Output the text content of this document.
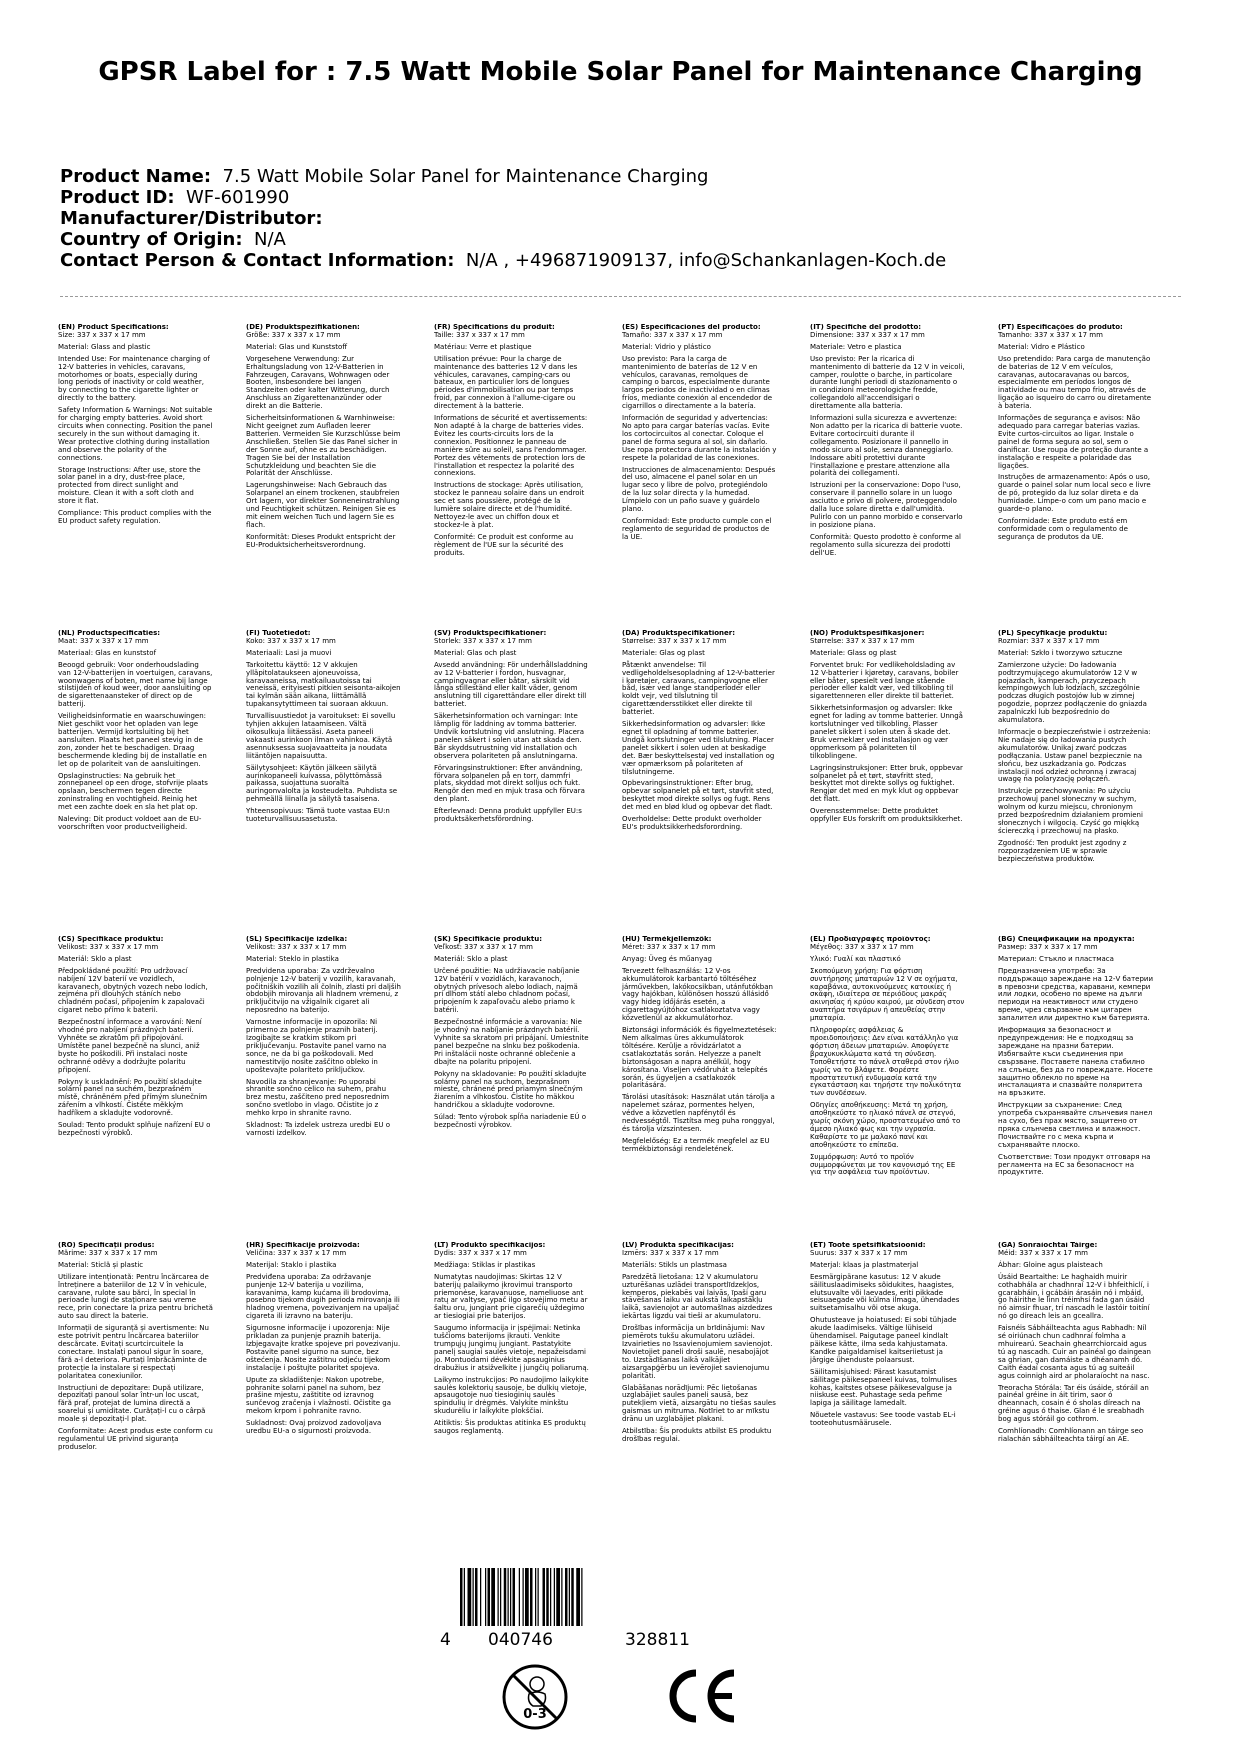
GPSR Label for : 7.5 Watt Mobile Solar Panel for Maintenance Charging
Product Name: 7.5 Watt Mobile Solar Panel for Maintenance Charging
Product ID: WF-601990
Manufacturer/Distributor:
Country of Origin: N/A
Contact Person & Contact Information: N/A , +496871909137, info@Schankanlagen-Koch.de
(EN) Product Specifications:

Size: 337 x 337 x 17 mm

Material: Glass and plastic

Intended Use: For maintenance charging of 12-V batteries in vehicles, caravans, motorhomes or boats, especially during long periods of inactivity or cold weather, by connecting to the cigarette lighter or directly to the battery.

Safety Information & Warnings: Not suitable for charging empty batteries. Avoid short circuits when connecting. Position the panel securely in the sun without damaging it. Wear protective clothing during installation and observe the polarity of the connections.

Storage Instructions: After use, store the solar panel in a dry, dust-free place, protected from direct sunlight and moisture. Clean it with a soft cloth and store it flat.

Compliance: This product complies with the EU product safety regulation.

(DE) Produktspezifikationen:

Größe: 337 x 337 x 17 mm

Material: Glas und Kunststoff

Vorgesehene Verwendung: Zur Erhaltungsladung von 12-V-Batterien in Fahrzeugen, Caravans, Wohnwagen oder Booten, insbesondere bei langen Standzeiten oder kalter Witterung, durch Anschluss an Zigarettenanzünder oder direkt an die Batterie.

Sicherheitsinformationen & Warnhinweise: Nicht geeignet zum Aufladen leerer Batterien. Vermeiden Sie Kurzschlüsse beim Anschließen. Stellen Sie das Panel sicher in der Sonne auf, ohne es zu beschädigen. Tragen Sie bei der Installation Schutzkleidung und beachten Sie die Polarität der Anschlüsse.

Lagerungshinweise: Nach Gebrauch das Solarpanel an einem trockenen, staubfreien Ort lagern, vor direkter Sonneneinstrahlung und Feuchtigkeit schützen. Reinigen Sie es mit einem weichen Tuch und lagern Sie es flach.

Konformität: Dieses Produkt entspricht der EU-Produktsicherheitsverordnung.

(FR) Spécifications du produit:

Taille: 337 x 337 x 17 mm

Matériau: Verre et plastique

Utilisation prévue: Pour la charge de maintenance des batteries 12 V dans les véhicules, caravanes, camping-cars ou bateaux, en particulier lors de longues périodes d'immobilisation ou par temps froid, par connexion à l'allume-cigare ou directement à la batterie.

Informations de sécurité et avertissements: Non adapté à la charge de batteries vides. Évitez les courts-circuits lors de la connexion. Positionnez le panneau de manière sûre au soleil, sans l'endommager. Portez des vêtements de protection lors de l'installation et respectez la polarité des connexions.

Instructions de stockage: Après utilisation, stockez le panneau solaire dans un endroit sec et sans poussière, protégé de la lumière solaire directe et de l'humidité. Nettoyez-le avec un chiffon doux et stockez-le à plat.

Conformité: Ce produit est conforme au règlement de l'UE sur la sécurité des produits.

(ES) Especificaciones del producto:

Tamaño: 337 x 337 x 17 mm

Material: Vidrio y plástico

Uso previsto: Para la carga de mantenimiento de baterías de 12 V en vehículos, caravanas, remolques de camping o barcos, especialmente durante largos periodos de inactividad o en climas fríos, mediante conexión al encendedor de cigarrillos o directamente a la batería.

Información de seguridad y advertencias: No apto para cargar baterías vacías. Evite los cortocircuitos al conectar. Coloque el panel de forma segura al sol, sin dañarlo. Use ropa protectora durante la instalación y respete la polaridad de las conexiones.

Instrucciones de almacenamiento: Después del uso, almacene el panel solar en un lugar seco y libre de polvo, protegiéndolo de la luz solar directa y la humedad. Límpielo con un paño suave y guárdelo plano.

Conformidad: Este producto cumple con el reglamento de seguridad de productos de la UE.

(IT) Specifiche del prodotto:

Dimensione: 337 x 337 x 17 mm

Materiale: Vetro e plastica

Uso previsto: Per la ricarica di mantenimento di batterie da 12 V in veicoli, camper, roulotte o barche, in particolare durante lunghi periodi di stazionamento o in condizioni meteorologiche fredde, collegandolo all'accendisigari o direttamente alla batteria.

Informazioni sulla sicurezza e avvertenze: Non adatto per la ricarica di batterie vuote. Evitare cortocircuiti durante il collegamento. Posizionare il pannello in modo sicuro al sole, senza danneggiarlo. Indossare abiti protettivi durante l'installazione e prestare attenzione alla polarità dei collegamenti.

Istruzioni per la conservazione: Dopo l'uso, conservare il pannello solare in un luogo asciutto e privo di polvere, proteggendolo dalla luce solare diretta e dall'umidità. Pulirlo con un panno morbido e conservarlo in posizione piana.

Conformità: Questo prodotto è conforme al regolamento sulla sicurezza dei prodotti dell'UE.

(PT) Especificações do produto:

Tamanho: 337 x 337 x 17 mm

Material: Vidro e Plástico

Uso pretendido: Para carga de manutenção de baterias de 12 V em veículos, caravanas, autocaravanas ou barcos, especialmente em períodos longos de inatividade ou mau tempo frio, através de ligação ao isqueiro do carro ou diretamente à bateria.

Informações de segurança e avisos: Não adequado para carregar baterias vazias. Evite curtos-circuitos ao ligar. Instale o painel de forma segura ao sol, sem o danificar. Use roupa de proteção durante a instalação e respeite a polaridade das ligações.

Instruções de armazenamento: Após o uso, guarde o painel solar num local seco e livre de pó, protegido da luz solar direta e da humidade. Limpe-o com um pano macio e guarde-o plano.

Conformidade: Este produto está em conformidade com o regulamento de segurança de produtos da UE.

(NL) Productspecificaties:

Maat: 337 x 337 x 17 mm

Materiaal: Glas en kunststof

Beoogd gebruik: Voor onderhoudslading van 12-V-batterijen in voertuigen, caravans, woonwagens of boten, met name bij lange stilstijden of koud weer, door aansluiting op de sigarettenaansteker of direct op de batterij.

Veiligheidsinformatie en waarschuwingen: Niet geschikt voor het opladen van lege batterijen. Vermijd kortsluiting bij het aansluiten. Plaats het paneel stevig in de zon, zonder het te beschadigen. Draag beschermende kleding bij de installatie en let op de polariteit van de aansluitingen.

Opslaginstructies: Na gebruik het zonnepaneel op een droge, stofvrije plaats opslaan, beschermen tegen directe zoninstraling en vochtigheid. Reinig het met een zachte doek en sla het plat op.

Naleving: Dit product voldoet aan de EU-voorschriften voor productveiligheid.

(FI) Tuotetiedot:

Koko: 337 x 337 x 17 mm

Materiaali: Lasi ja muovi

Tarkoitettu käyttö: 12 V akkujen ylläpitolataukseen ajoneuvoissa, karavaaneissa, matkailuautoissa tai veneissä, erityisesti pitkien seisonta-aikojen tai kylmän sään aikana, liittämällä tupakansytyttimeen tai suoraan akkuun.

Turvallisuustiedot ja varoitukset: Ei sovellu tyhjien akkujen lataamiseen. Vältä oikosulkuja liitäessäsi. Aseta paneeli vakaasti aurinkoon ilman vahinkoa. Käytä asennuksessa suojavaatteita ja noudata liitäntöjen napaisuutta.

Säilytysohjeet: Käytön jälkeen säilytä aurinkopaneeli kuivassa, pölyttömässä paikassa, suojattuna suoralta auringonvalolta ja kosteudelta. Puhdista se pehmeällä liinalla ja säilytä tasaisena.

Yhteensopivuus: Tämä tuote vastaa EU:n tuoteturvallisuusasetusta.

(SV) Produktspecifikationer:

Storlek: 337 x 337 x 17 mm

Material: Glas och plast

Avsedd användning: För underhållsladdning av 12 V-batterier i fordon, husvagnar, campingvagnar eller båtar, särskilt vid långa stilleständ eller kallt väder, genom anslutning till cigarettändare eller direkt till batteriet.

Säkerhetsinformation och varningar: Inte lämplig för laddning av tomma batterier. Undvik kortslutning vid anslutning. Placera panelen säkert i solen utan att skada den. Bär skyddsutrustning vid installation och observera polariteten på anslutningarna.

Förvaringsinstruktioner: Efter användning, förvara solpanelen på en torr, dammfri plats, skyddad mot direkt solljus och fukt. Rengör den med en mjuk trasa och förvara den plant.

Efterlevnad: Denna produkt uppfyller EU:s produktsäkerhetsförordning.

(DA) Produktspecifikationer:

Størrelse: 337 x 337 x 17 mm

Materiale: Glas og plast

Påtænkt anvendelse: Til vedligeholdelsesopladning af 12-V-batterier i køretøjer, caravans, campingvogne eller båd, især ved lange standperioder eller koldt vejr, ved tilslutning til cigarettændersstikket eller direkte til batteriet.

Sikkerhedsinformation og advarsler: Ikke egnet til opladning af tomme batterier. Undgå kortslutninger ved tilslutning. Placer panelet sikkert i solen uden at beskadige det. Bær beskyttelsestøj ved installation og vær opmærksom på polariteten af tilslutningerne.

Opbevaringsinstruktioner: Efter brug, opbevar solpanelet på et tørt, støvfrit sted, beskyttet mod direkte sollys og fugt. Rens det med en blød klud og opbevar det fladt.

Overholdelse: Dette produkt overholder EU's produktsikkerhedsforordning.

(NO) Produktspesifikasjoner:

Størrelse: 337 x 337 x 17 mm

Materiale: Glass og plast

Forventet bruk: For vedlikeholdslading av 12 V-batterier i kjøretøy, caravans, bobiler eller båter, spesielt ved lange stående perioder eller kaldt vær, ved tilkobling til sigarettenneren eller direkte til batteriet.

Sikkerhetsinformasjon og advarsler: Ikke egnet for lading av tomme batterier. Unngå kortslutninger ved tilkobling. Plasser panelet sikkert i solen uten å skade det. Bruk verneklær ved installasjon og vær oppmerksom på polariteten til tilkoblingene.

Lagringsinstruksjoner: Etter bruk, oppbevar solpanelet på et tørt, støvfritt sted, beskyttet mot direkte sollys og fuktighet. Rengjør det med en myk klut og oppbevar det flatt.

Overensstemmelse: Dette produktet oppfyller EUs forskrift om produktsikkerhet.

(PL) Specyfikacje produktu:

Rozmiar: 337 x 337 x 17 mm

Materiał: Szkło i tworzywo sztuczne

Zamierzone użycie: Do ładowania podtrzymującego akumulatorów 12 V w pojazdach, kamperach, przyczepach kempingowych lub łodziach, szczególnie podczas długich postojów lub w zimnej pogodzie, poprzez podłączenie do gniazda zapalniczki lub bezpośrednio do akumulatora.

Informacje o bezpieczeństwie i ostrzeżenia: Nie nadaje się do ładowania pustych akumulatorów. Unikaj zwarć podczas podłączania. Ustaw panel bezpiecznie na słońcu, bez uszkadzania go. Podczas instalacji noś odzież ochronną i zwracaj uwagę na polaryzację połączeń.

Instrukcje przechowywania: Po użyciu przechowuj panel słoneczny w suchym, wolnym od kurzu miejscu, chronionym przed bezpośrednim działaniem promieni słonecznych i wilgocią. Czyść go miękką ściereczką i przechowuj na płasko.

Zgodność: Ten produkt jest zgodny z rozporządzeniem UE w sprawie bezpieczeństwa produktów.

(CS) Specifikace produktu:

Velikost: 337 x 337 x 17 mm

Materiál: Sklo a plast

Předpokládané použití: Pro udržovací nabíjení 12V baterií ve vozidlech, karavanech, obytných vozech nebo lodích, zejména při dlouhých stáních nebo chladném počasí, připojením k zapalovači cigaret nebo přímo k baterii.

Bezpečnostní informace a varování: Není vhodné pro nabíjení prázdných baterií. Vyhněte se zkratům při připojování. Umístěte panel bezpečně na slunci, aniž byste ho poškodili. Při instalaci noste ochranné oděvy a dodržujte polaritu připojení.

Pokyny k uskladnění: Po použití skladujte solární panel na suchém, bezprašném místě, chráněném před přímým slunečním zářením a vlhkostí. Čistěte měkkým hadříkem a skladujte vodorovně.

Soulad: Tento produkt splňuje nařízení EU o bezpečnosti výrobků.

(SL) Specifikacije izdelka:

Velikost: 337 x 337 x 17 mm

Material: Steklo in plastika

Predvidena uporaba: Za vzdrževalno polnjenje 12-V baterij v vozilih, karavanah, počitniških vozilih ali čolnih, zlasti pri daljših obdobjih mirovanja ali hladnem vremenu, z priključitvijo na vžigalnik cigaret ali neposredno na baterijo.

Varnostne informacije in opozorila: Ni primerno za polnjenje praznih baterij. Izogibajte se kratkim stikom pri priključevanju. Postavite panel varno na sonce, ne da bi ga poškodovali. Med namestitvijo nosite zaščitno obleko in upoštevajte polariteto priključkov.

Navodila za shranjevanje: Po uporabi shranite sončno celico na suhem, prahu brez mestu, zaščiteno pred neposrednim sončno svetlobo in vlago. Očistite jo z mehko krpo in shranite ravno.

Skladnost: Ta izdelek ustreza uredbi EU o varnosti izdelkov.

(SK) Špecifikácie produktu:

Veľkosť: 337 x 337 x 17 mm

Materiál: Sklo a plast

Určené použitie: Na udržiavacie nabíjanie 12V batérií v vozidlách, karavanoch, obytných prívesoch alebo lodiach, najmä pri dlhom státí alebo chladnom počasí, pripojením k zapaľovaču alebo priamo k batérii.

Bezpečnostné informácie a varovania: Nie je vhodný na nabíjanie prázdnych batérií. Vyhnite sa skratom pri pripájaní. Umiestnite panel bezpečne na slnku bez poškodenia. Pri inštalácii noste ochranné oblečenie a dbajte na polaritu pripojení.

Pokyny na skladovanie: Po použití skladujte solárny panel na suchom, bezprašnom mieste, chránené pred priamym slnečným žiarením a vlhkosťou. Čistite ho mäkkou handričkou a skladujte vodorovne.

Súlad: Tento výrobok spĺňa nariadenie EÚ o bezpečnosti výrobkov.

(HU) Termékjellemzők:

Méret: 337 x 337 x 17 mm

Anyag: Üveg és műanyag

Tervezett felhasználás: 12 V-os akkumulátorok karbantartó töltéséhez járművekben, lakókocsikban, utánfutókban vagy hajókban, különösen hosszú állásidő vagy hideg időjárás esetén, a cigarettagyújtóhoz csatlakoztatva vagy közvetlenül az akkumulátorhoz.

Biztonsági információk és figyelmeztetések: Nem alkalmas üres akkumulátorok töltésére. Kerülje a rövidzárlatot a csatlakoztatás során. Helyezze a panelt biztonságosan a napra anélkül, hogy károsítana. Viseljen védőruhát a telepítés során, és ügyeljen a csatlakozók polaritására.

Tárolási utasítások: Használat után tárolja a napelemet száraz, pormentes helyen, védve a közvetlen napfénytől és nedvességtől. Tisztítsa meg puha ronggyal, és tárolja vízszintesen.

Megfelelőség: Ez a termék megfelel az EU termékbiztonsági rendeletének.

(EL) Προδιαγραφές προϊόντος:

Μέγεθος: 337 x 337 x 17 mm

Υλικό: Γυαλί και πλαστικό

Σκοπούμενη χρήση: Για φόρτιση συντήρησης μπαταριών 12 V σε οχήματα, καραβάνια, αυτοκινούμενες κατοικίες ή σκάφη, ιδιαίτερα σε περιόδους μακράς ακινησίας ή κρύου καιρού, με σύνδεση στον αναπτήρα τσιγάρων ή απευθείας στην μπαταρία.

Πληροφορίες ασφάλειας & προειδοποιήσεις: Δεν είναι κατάλληλο για φόρτιση άδειων μπαταριών. Αποφύγετε βραχυκυκλώματα κατά τη σύνδεση. Τοποθετήστε το πάνελ σταθερά στον ήλιο χωρίς να το βλάψετε. Φορέστε προστατευτική ενδυμασία κατά την εγκατάσταση και τηρήστε την πολικότητα των συνδέσεων.

Οδηγίες αποθήκευσης: Μετά τη χρήση, αποθηκεύστε το ηλιακό πάνελ σε στεγνό, χωρίς σκόνη χώρο, προστατευμένο από το άμεσο ηλιακό φως και την υγρασία. Καθαρίστε το με μαλακό πανί και αποθηκεύστε το επίπεδα.

Συμμόρφωση: Αυτό το προϊόν συμμορφώνεται με τον κανονισμό της ΕΕ για την ασφάλεια των προϊόντων.

(BG) Спецификации на продукта:

Размер: 337 x 337 x 17 mm

Материал: Стъкло и пластмаса

Предназначена употреба: За поддържащо зареждане на 12-V батерии в превозни средства, каравани, кемпери или лодки, особено по време на дълги периоди на неактивност или студено време, чрез свързване към цигарен запалител или директно към батерията.

Информация за безопасност и предупреждения: Не е подходящ за зареждане на празни батерии. Избягвайте къси съединения при свързване. Поставете панела стабилно на слънце, без да го повреждате. Носете защитно облекло по време на инсталацията и спазвайте поляритета на връзките.

Инструкции за съхранение: След употреба съхранявайте слънчевия панел на сухо, без прах място, защитено от пряка слънчева светлина и влажност. Почиствайте го с мека кърпа и съхранявайте плоско.

Съответствие: Този продукт отговаря на регламента на ЕС за безопасност на продуктите.

(RO) Specificații produs:

Mărime: 337 x 337 x 17 mm

Material: Sticlă și plastic

Utilizare intenționată: Pentru încărcarea de întreținere a bateriilor de 12 V în vehicule, caravane, rulote sau bărci, în special în perioade lungi de staționare sau vreme rece, prin conectare la priza pentru brichetă auto sau direct la baterie.

Informații de siguranță și avertismente: Nu este potrivit pentru încărcarea bateriilor descărcate. Evitați scurtcircuitele la conectare. Instalați panoul sigur în soare, fără a-l deteriora. Purtați îmbrăcăminte de protecție la instalare și respectați polaritatea conexiunilor.

Instrucțiuni de depozitare: După utilizare, depozitați panoul solar într-un loc uscat, fără praf, protejat de lumina directă a soarelui și umiditate. Curățați-l cu o cârpă moale și depozitați-l plat.

Conformitate: Acest produs este conform cu regulamentul UE privind siguranța produselor.

(HR) Specifikacije proizvoda:

Veličina: 337 x 337 x 17 mm

Materijal: Staklo i plastika

Predviđena uporaba: Za održavanje punjenje 12-V baterija u vozilima, karavanima, kamp kućama ili brodovima, posebno tijekom dugih perioda mirovanja ili hladnog vremena, povezivanjem na upaljač cigareta ili izravno na bateriju.

Sigurnosne informacije i upozorenja: Nije prikladan za punjenje praznih baterija. Izbjegavajte kratke spojeve pri povezivanju. Postavite panel sigurno na sunce, bez oštećenja. Nosite zaštitnu odjeću tijekom instalacije i poštujte polaritet spojeva.

Upute za skladištenje: Nakon upotrebe, pohranite solarni panel na suhom, bez prašine mjestu, zaštitite od izravnog sunčevog zračenja i vlažnosti. Očistite ga mekom krpom i pohranite ravno.

Sukladnost: Ovaj proizvod zadovoljava uredbu EU-a o sigurnosti proizvoda.

(LT) Produkto specifikacijos:

Dydis: 337 x 337 x 17 mm

Medžiaga: Stiklas ir plastikas

Numatytas naudojimas: Skirtas 12 V baterijų palaikymo įkrovimui transporto priemonėse, karavanuose, nameliuose ant ratų ar valtyse, ypač ilgo stovėjimo metu ar šaltu oru, jungiant prie cigarečių uždegimo ar tiesiogiai prie baterijos.

Saugumo informacija ir įspėjimai: Netinka tuščioms baterijoms įkrauti. Venkite trumpųjų jungimų jungiant. Pastatykite panelį saugiai saulės vietoje, nepažeisdami jo. Montuodami dėvėkite apsauginius drabužius ir atsižvelkite į jungčių poliarumą.

Laikymo instrukcijos: Po naudojimo laikykite saulės kolektorių sausoje, be dulkių vietoje, apsaugotoje nuo tiesioginių saulės spindulių ir drėgmės. Valykite minkštu skudurėliu ir laikykite plokščiai.

Atitiktis: Šis produktas atitinka ES produktų saugos reglamentą.

(LV) Produkta specifikācijas:

Izmērs: 337 x 337 x 17 mm

Materiāls: Stikls un plastmasa

Paredzētā lietošana: 12 V akumulatoru uzturēšanas uzlādei transportlīdzekļos, kemperos, piekabēs vai laivās, īpaši garu stāvēšanas laiku vai aukstā laikapstākļu laikā, savienojot ar automašīnas aizdedzes iekārtas ligzdu vai tieši ar akumulatoru.

Drošības informācija un brīdinājumi: Nav piemērots tukšu akumulatoru uzlādei. Izvairieties no īssavienojumiem savienojot. Novietojiet paneli droši saulē, nesabojājot to. Uzstādīšanas laikā valkājiet aizsargapģērbu un ievērojiet savienojumu polaritāti.

Glabāšanas norādījumi: Pēc lietošanas uzglabājiet saules paneli sausā, bez putekļiem vietā, aizsargātu no tiešas saules gaismas un mitruma. Notīriet to ar mīkstu drānu un uzglabājiet plakani.

Atbilstība: Šis produkts atbilst ES produktu drošības regulai.

(ET) Toote spetsifikatsioonid:

Suurus: 337 x 337 x 17 mm

Materjal: klaas ja plastmaterjal

Eesmärgipärane kasutus: 12 V akude säilituslaadimiseks sõidukites, haagistes, elutsuvalte või laevades, eriti pikkade seisuaegade või külma ilmaga, ühendades suitsetamisalhu või otse akuga.

Ohutusteave ja hoiatused: Ei sobi tühjade akude laadimiseks. Vältige lühiseid ühendamisel. Paigutage paneel kindlalt päikese kätte, ilma seda kahjustamata. Kandke paigaldamisel kaitseriietust ja järgige ühenduste polaarsust.

Säilitamisjuhised: Pärast kasutamist säilitage päikesepaneel kuivas, tolmulises kohas, kaitstes otsese päikesevalguse ja niiskuse eest. Puhastage seda pehme lapiga ja säilitage lamedalt.

Nõuetele vastavus: See toode vastab EL-i tooteohutusmäärusele.

(GA) Sonraíochtaí Táirge:

Méid: 337 x 337 x 17 mm

Ábhar: Gloine agus plaisteach

Úsáid Beartaithe: Le haghaidh muirir cothabhála ar chadhnraí 12-V i bhfeithiclí, i gcarabháin, i gcábáin árasáin nó i mbáid, go háirithe le linn tréimhsí fada gan úsáid nó aimsir fhuar, trí nascadh le lastóir toitíní nó go díreach leis an gceallra.

Faisnéis Sábháilteachta agus Rabhadh: Níl sé oiriúnach chun cadhnraí folmha a mhuirearú. Seachain ghearrchiorcaid agus tú ag nascadh. Cuir an painéal go daingean sa ghrian, gan damáiste a dhéanamh dó. Caith éadaí cosanta agus tú ag suiteáil agus coinnigh aird ar pholaraíocht na nasc.

Treoracha Stórála: Tar éis úsáide, stóráil an painéal gréine in áit tirim, saor ó dheannach, cosain é ó sholas díreach na gréine agus ó thaise. Glan é le sreabhadh bog agus stóráil go cothrom.

Comhlíonadh: Comhlíonann an táirge seo rialachán sábháilteachta táirgí an AE.

4 040746	328811
0-3
